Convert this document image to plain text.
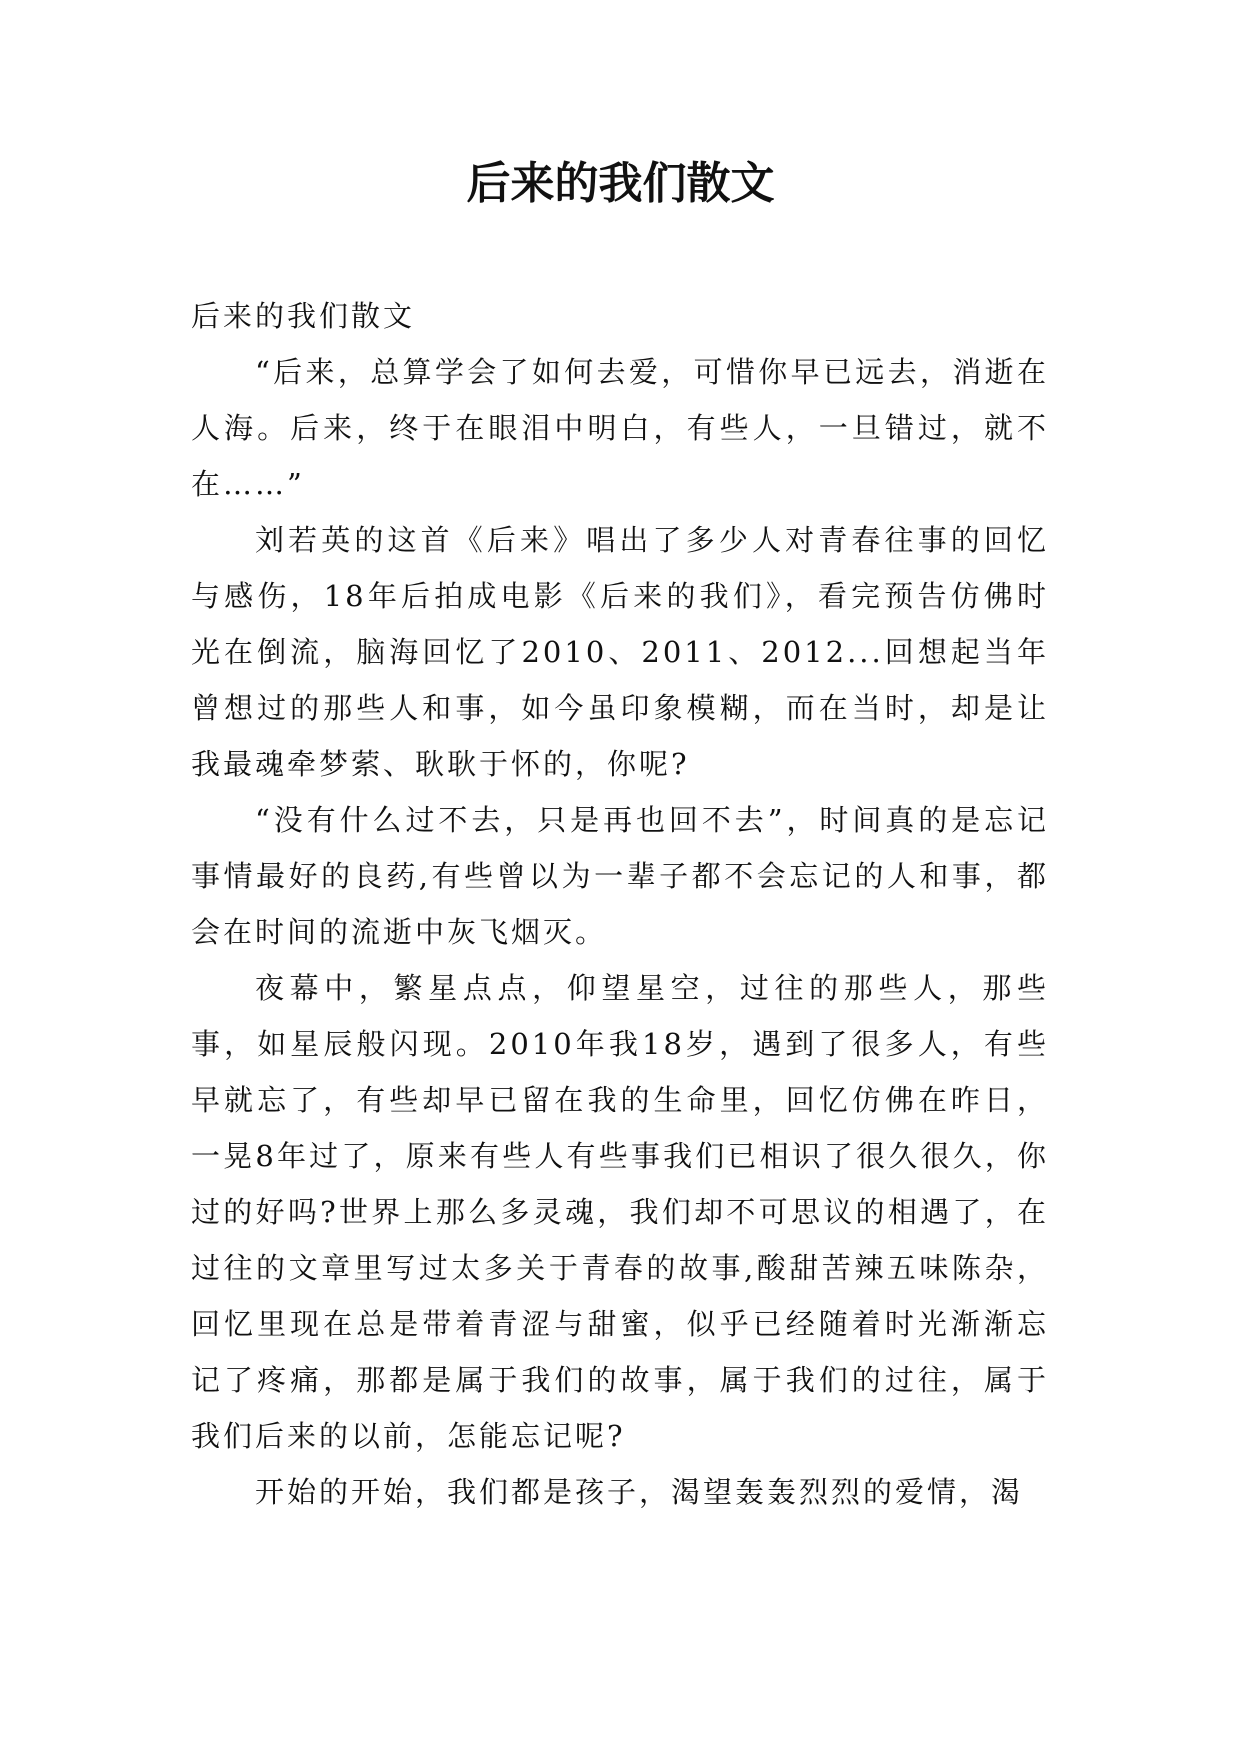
后来的我们散文

后来的我们散文

“后来，总算学会了如何去爱，可惜你早已远去，消逝在人海。后来，终于在眼泪中明白，有些人，一旦错过，就不在……”

刘若英的这首《后来》唱出了多少人对青春往事的回忆与感伤，18年后拍成电影《后来的我们》，看完预告仿佛时光在倒流，脑海回忆了2010、2011、2012...回想起当年曾想过的那些人和事，如今虽印象模糊，而在当时，却是让我最魂牵梦萦、耿耿于怀的，你呢?

“没有什么过不去，只是再也回不去”，时间真的是忘记事情最好的良药,有些曾以为一辈子都不会忘记的人和事，都会在时间的流逝中灰飞烟灭。

夜幕中，繁星点点，仰望星空，过往的那些人，那些事，如星辰般闪现。2010年我18岁，遇到了很多人，有些早就忘了，有些却早已留在我的生命里，回忆仿佛在昨日，一晃8年过了，原来有些人有些事我们已相识了很久很久，你过的好吗?世界上那么多灵魂，我们却不可思议的相遇了，在过往的文章里写过太多关于青春的故事,酸甜苦辣五味陈杂，回忆里现在总是带着青涩与甜蜜，似乎已经随着时光渐渐忘记了疼痛，那都是属于我们的故事，属于我们的过往，属于我们后来的以前，怎能忘记呢?

开始的开始，我们都是孩子，渴望轰轰烈烈的爱情，渴
